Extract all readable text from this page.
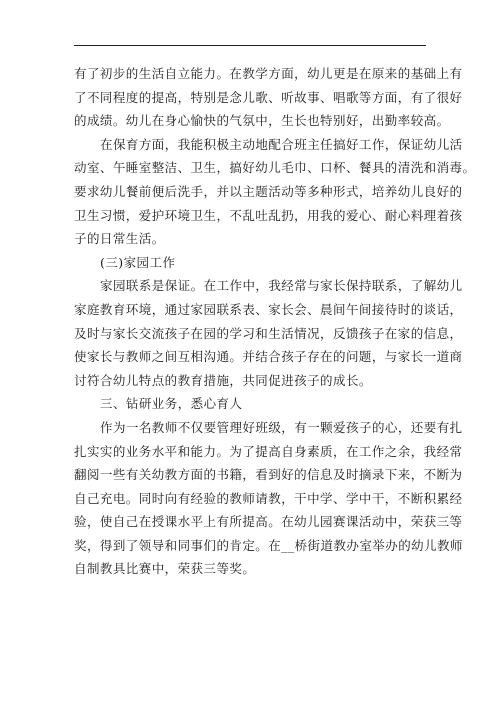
有了初步的生活自立能力。在教学方面，幼儿更是在原来的基础上有
了不同程度的提高，特别是念儿歌、听故事、唱歌等方面，有了很好
的成绩。幼儿在身心愉快的气氛中，生长也特别好，出勤率较高。
在保育方面，我能积极主动地配合班主任搞好工作，保证幼儿活
动室、午睡室整洁、卫生，搞好幼儿毛巾、口杯、餐具的清洗和消毒。
要求幼儿餐前便后洗手，并以主题活动等多种形式，培养幼儿良好的
卫生习惯，爱护环境卫生，不乱吐乱扔，用我的爱心、耐心料理着孩
子的日常生活。
(三)家园工作
家园联系是保证。在工作中，我经常与家长保持联系，了解幼儿
家庭教育环境，通过家园联系表、家长会、晨间午间接待时的谈话，
及时与家长交流孩子在园的学习和生活情况，反馈孩子在家的信息，
使家长与教师之间互相沟通。并结合孩子存在的问题，与家长一道商
讨符合幼儿特点的教育措施，共同促进孩子的成长。
三、钻研业务，悉心育人
作为一名教师不仅要管理好班级，有一颗爱孩子的心，还要有扎
扎实实的业务水平和能力。为了提高自身素质，在工作之余，我经常
翻阅一些有关幼教方面的书籍，看到好的信息及时摘录下来，不断为
自己充电。同时向有经验的教师请教，干中学、学中干，不断积累经
验，使自己在授课水平上有所提高。在幼儿园赛课活动中，荣获三等
奖，得到了领导和同事们的肯定。在__桥街道教办室举办的幼儿教师
自制教具比赛中，荣获三等奖。
